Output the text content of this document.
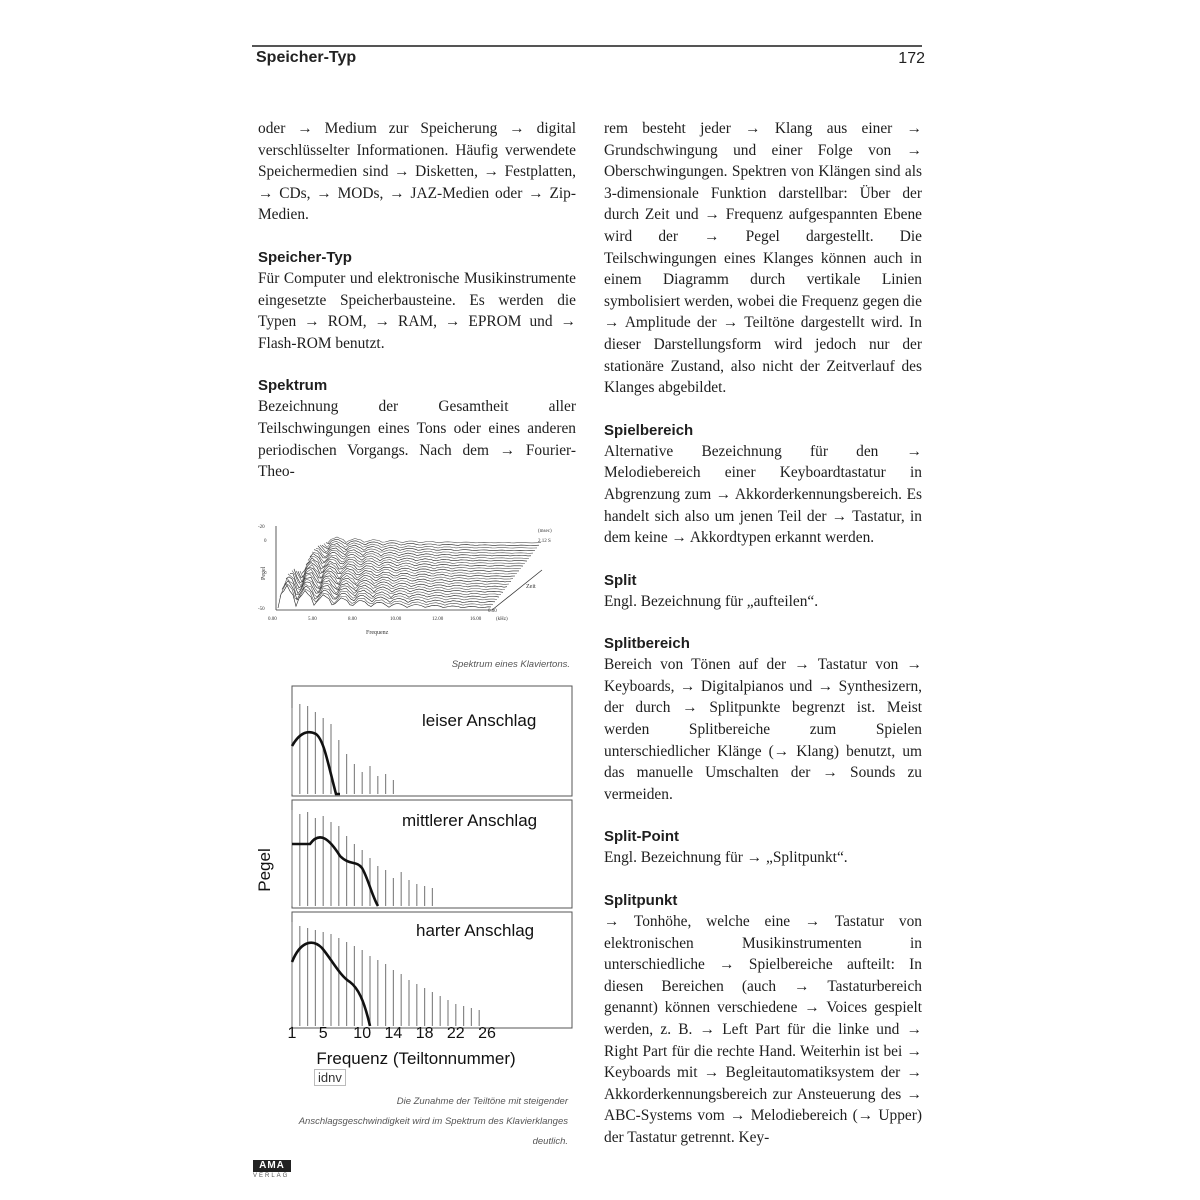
Speicher-Typ	172

oder → Medium zur Speicherung → digital verschlüsselter Informationen. Häufig verwendete Speichermedien sind → Disketten, → Festplatten, → CDs, → MODs, → JAZ-Medien oder → Zip-Medien.

Speicher-Typ

Für Computer und elektronische Musikinstrumente eingesetzte Speicherbausteine. Es werden die Typen → ROM, → RAM, → EPROM und → Flash-ROM benutzt.

Spektrum

Bezeichnung der Gesamtheit aller Teilschwingungen eines Tons oder eines anderen periodischen Vorgangs. Nach dem → Fourier-Theo-

-20
0
-50
Pegel
0.00	5.00	8.00	10.00	12.00	16.00	(kHz)
Frequenz
Zeit
(msec)
2.12 S
0.00
Spektrum eines Klaviertons.
leiser Anschlag
mittlerer Anschlag
harter Anschlag
Pegel
1 5 10 14 18 22 26
Frequenz (Teiltonnummer)
idnv
Die Zunahme der Teiltöne mit steigender Anschlagsgeschwindigkeit wird im Spektrum des Klavierklanges deutlich.

rem besteht jeder → Klang aus einer → Grundschwingung und einer Folge von → Oberschwingungen. Spektren von Klängen sind als 3-dimensionale Funktion darstellbar: Über der durch Zeit und → Frequenz aufgespannten Ebene wird der → Pegel dargestellt. Die Teilschwingungen eines Klanges können auch in einem Diagramm durch vertikale Linien symbolisiert werden, wobei die Frequenz gegen die → Amplitude der → Teiltöne dargestellt wird. In dieser Darstellungsform wird jedoch nur der stationäre Zustand, also nicht der Zeitverlauf des Klanges abgebildet.

Spielbereich

Alternative Bezeichnung für den → Melodiebereich einer Keyboardtastatur in Abgrenzung zum → Akkorderkennungsbereich. Es handelt sich also um jenen Teil der → Tastatur, in dem keine → Akkordtypen erkannt werden.

Split

Engl. Bezeichnung für „aufteilen“.

Splitbereich

Bereich von Tönen auf der → Tastatur von → Keyboards, → Digitalpianos und → Synthesizern, der durch → Splitpunkte begrenzt ist. Meist werden Splitbereiche zum Spielen unterschiedlicher Klänge (→ Klang) benutzt, um das manuelle Umschalten der → Sounds zu vermeiden.

Split-Point

Engl. Bezeichnung für → „Splitpunkt“.

Splitpunkt

→ Tonhöhe, welche eine → Tastatur von elektronischen Musikinstrumenten in unterschiedliche → Spielbereiche aufteilt: In diesen Bereichen (auch → Tastaturbereich genannt) können verschiedene → Voices gespielt werden, z. B. → Left Part für die linke und → Right Part für die rechte Hand. Weiterhin ist bei → Keyboards mit → Begleitautomatiksystem der → Akkorderkennungsbereich zur Ansteuerung des → ABC-Systems vom → Melodiebereich (→ Upper) der Tastatur getrennt. Key-

AMA
VERLAG
